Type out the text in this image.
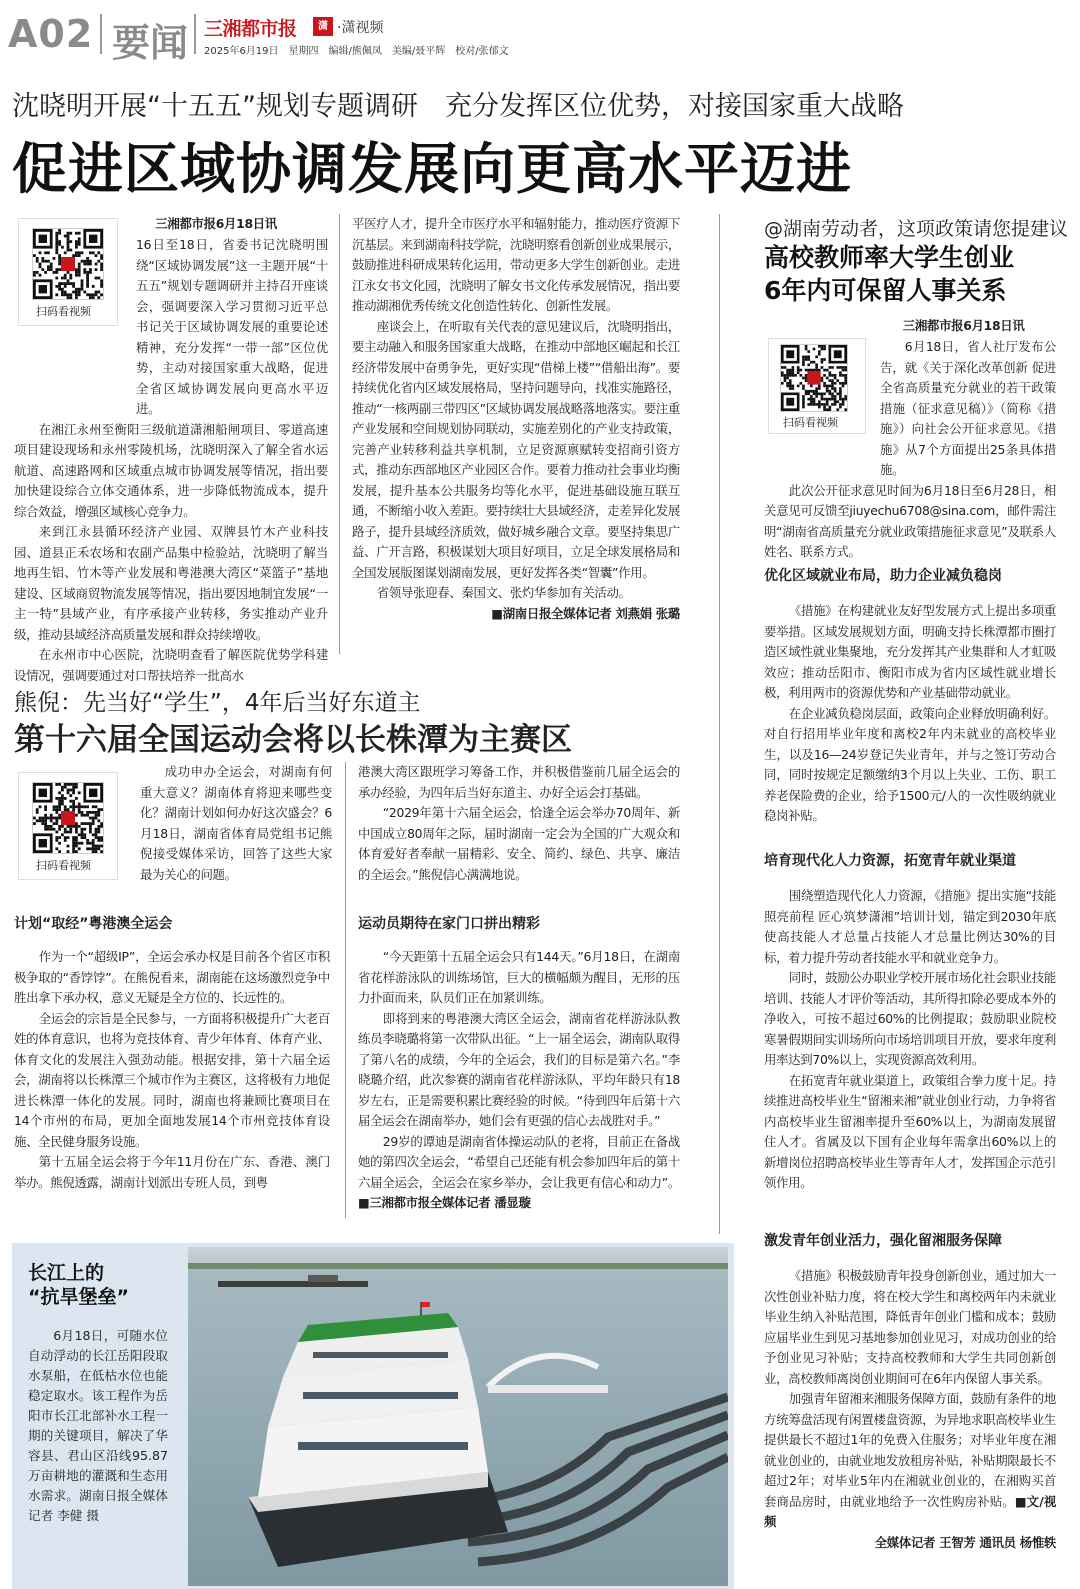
A02 要闻 三湘都市报	潇 ·潇视频
2025年6月19日　星期四　编辑/熊佩凤　美编/聂平辉　校对/张郁文
沈晓明开展“十五五”规划专题调研　充分发挥区位优势，对接国家重大战略
促进区域协调发展向更高水平迈进
扫码看视频

三湘都市报6月18日讯

16日至18日，省委书记沈晓明围绕“区域协调发展”这一主题开展“十五五”规划专题调研并主持召开座谈会，强调要深入学习贯彻习近平总书记关于区域协调发展的重要论述精神，充分发挥“一带一部”区位优势，主动对接国家重大战略，促进全省区域协调发展向更高水平迈进。

在湘江永州至衡阳三级航道潇湘船闸项目、零道高速项目建设现场和永州零陵机场，沈晓明深入了解全省水运航道、高速路网和区域重点城市协调发展等情况，指出要加快建设综合立体交通体系，进一步降低物流成本，提升综合效益，增强区域核心竞争力。

来到江永县循环经济产业园、双牌县竹木产业科技园、道县正禾农场和农副产品集中检验站，沈晓明了解当地再生铝、竹木等产业发展和粤港澳大湾区“菜篮子”基地建设、区域商贸物流发展等情况，指出要因地制宜发展“一主一特”县域产业，有序承接产业转移，务实推动产业升级，推动县域经济高质量发展和群众持续增收。

在永州市中心医院，沈晓明查看了解医院优势学科建设情况，强调要通过对口帮扶培养一批高水

平医疗人才，提升全市医疗水平和辐射能力，推动医疗资源下沉基层。来到湖南科技学院，沈晓明察看创新创业成果展示，鼓励推进科研成果转化运用，带动更多大学生创新创业。走进江永女书文化园，沈晓明了解女书文化传承发展情况，指出要推动湖湘优秀传统文化创造性转化、创新性发展。

座谈会上，在听取有关代表的意见建议后，沈晓明指出，要主动融入和服务国家重大战略，在推动中部地区崛起和长江经济带发展中奋勇争先，更好实现“借梯上楼”“借船出海”。要持续优化省内区域发展格局，坚持问题导向，找准实施路径，推动“一核两副三带四区”区域协调发展战略落地落实。要注重产业发展和空间规划协同联动，实施差别化的产业支持政策，完善产业转移利益共享机制，立足资源禀赋转变招商引资方式，推动东西部地区产业园区合作。要着力推动社会事业均衡发展，提升基本公共服务均等化水平，促进基础设施互联互通，不断缩小收入差距。要持续壮大县域经济，走差异化发展路子，提升县域经济质效，做好城乡融合文章。要坚持集思广益、广开言路，积极谋划大项目好项目，立足全球发展格局和全国发展版图谋划湖南发展，更好发挥各类“智囊”作用。

省领导张迎春、秦国文、张灼华参加有关活动。

■湖南日报全媒体记者 刘燕娟 张璐

熊倪：先当好“学生”，4年后当好东道主
第十六届全国运动会将以长株潭为主赛区
扫码看视频

成功申办全运会，对湖南有何重大意义？湖南体育将迎来哪些变化？湖南计划如何办好这次盛会？6月18日，湖南省体育局党组书记熊倪接受媒体采访，回答了这些大家最为关心的问题。

港澳大湾区跟班学习筹备工作，并积极借鉴前几届全运会的承办经验，为四年后当好东道主、办好全运会打基础。

“2029年第十六届全运会，恰逢全运会举办70周年、新中国成立80周年之际，届时湖南一定会为全国的广大观众和体育爱好者奉献一届精彩、安全、简约、绿色、共享、廉洁的全运会。”熊倪信心满满地说。

计划“取经”粤港澳全运会

作为一个“超级IP”，全运会承办权是目前各个省区市积极争取的“香饽饽”。在熊倪看来，湖南能在这场激烈竞争中胜出拿下承办权，意义无疑是全方位的、长远性的。

全运会的宗旨是全民参与，一方面将积极提升广大老百姓的体育意识，也将为竞技体育、青少年体育、体育产业、体育文化的发展注入强劲动能。根据安排，第十六届全运会，湖南将以长株潭三个城市作为主赛区，这将极有力地促进长株潭一体化的发展。同时，湖南也将兼顾比赛项目在14个市州的布局，更加全面地发展14个市州竞技体育设施、全民健身服务设施。

第十五届全运会将于今年11月份在广东、香港、澳门举办。熊倪透露，湖南计划派出专班人员，到粤

运动员期待在家门口拼出精彩

“今天距第十五届全运会只有144天。”6月18日，在湖南省花样游泳队的训练场馆，巨大的横幅颇为醒目，无形的压力扑面而来，队员们正在加紧训练。

即将到来的粤港澳大湾区全运会，湖南省花样游泳队教练员李晓璐将第一次带队出征。“上一届全运会，湖南队取得了第八名的成绩，今年的全运会，我们的目标是第六名。”李晓璐介绍，此次参赛的湖南省花样游泳队，平均年龄只有18岁左右，正是需要积累比赛经验的时候。“待到四年后第十六届全运会在湖南举办，她们会有更强的信心去战胜对手。”

29岁的谭迪是湖南省体操运动队的老将，目前正在备战她的第四次全运会，“希望自己还能有机会参加四年后的第十六届全运会，全运会在家乡举办，会让我更有信心和动力”。■三湘都市报全媒体记者 潘显璇

长江上的
“抗旱堡垒”
6月18日，可随水位自动浮动的长江岳阳段取水泵船，在低枯水位也能稳定取水。该工程作为岳阳市长江北部补水工程一期的关键项目，解决了华容县、君山区沿线95.87万亩耕地的灌溉和生态用水需求。湖南日报全媒体记者 李健 摄
@湖南劳动者，这项政策请您提建议
高校教师率大学生创业
6年内可保留人事关系
扫码看视频

三湘都市报6月18日讯

6月18日，省人社厅发布公告，就《关于深化改革创新 促进全省高质量充分就业的若干政策措施（征求意见稿）》（简称《措施》）向社会公开征求意见。《措施》从7个方面提出25条具体措施。

此次公开征求意见时间为6月18日至6月28日，相关意见可反馈至jiuyechu6708@sina.com，邮件需注明“湖南省高质量充分就业政策措施征求意见”及联系人姓名、联系方式。

优化区域就业布局，助力企业减负稳岗

《措施》在构建就业友好型发展方式上提出多项重要举措。区域发展规划方面，明确支持长株潭都市圈打造区域性就业集聚地，充分发挥其产业集群和人才虹吸效应；推动岳阳市、衡阳市成为省内区域性就业增长极，利用两市的资源优势和产业基础带动就业。

在企业减负稳岗层面，政策向企业释放明确利好。对自行招用毕业年度和离校2年内未就业的高校毕业生，以及16—24岁登记失业青年，并与之签订劳动合同，同时按规定足额缴纳3个月以上失业、工伤、职工养老保险费的企业，给予1500元/人的一次性吸纳就业稳岗补贴。

培育现代化人力资源，拓宽青年就业渠道

围绕塑造现代化人力资源，《措施》提出实施“技能照亮前程 匠心筑梦潇湘”培训计划，锚定到2030年底使高技能人才总量占技能人才总量比例达30%的目标，着力提升劳动者技能水平和就业竞争力。

同时，鼓励公办职业学校开展市场化社会职业技能培训、技能人才评价等活动，其所得扣除必要成本外的净收入，可按不超过60%的比例提取；鼓励职业院校寒暑假期间实训场所向市场培训项目开放，要求年度利用率达到70%以上，实现资源高效利用。

在拓宽青年就业渠道上，政策组合拳力度十足。持续推进高校毕业生“留湘来湘”就业创业行动，力争将省内高校毕业生留湘率提升至60%以上，为湖南发展留住人才。省属及以下国有企业每年需拿出60%以上的新增岗位招聘高校毕业生等青年人才，发挥国企示范引领作用。

激发青年创业活力，强化留湘服务保障

《措施》积极鼓励青年投身创新创业，通过加大一次性创业补贴力度，将在校大学生和离校两年内未就业毕业生纳入补贴范围，降低青年创业门槛和成本；鼓励应届毕业生到见习基地参加创业见习，对成功创业的给予创业见习补贴；支持高校教师和大学生共同创新创业，高校教师离岗创业期间可在6年内保留人事关系。

加强青年留湘来湘服务保障方面，鼓励有条件的地方统筹盘活现有闲置楼盘资源，为异地求职高校毕业生提供最长不超过1年的免费入住服务；对毕业年度在湘就业创业的，由就业地发放租房补贴，补贴期限最长不超过2年；对毕业5年内在湘就业创业的，在湘购买首套商品房时，由就业地给予一次性购房补贴。■文/视频

全媒体记者 王智芳 通讯员 杨惟轶
